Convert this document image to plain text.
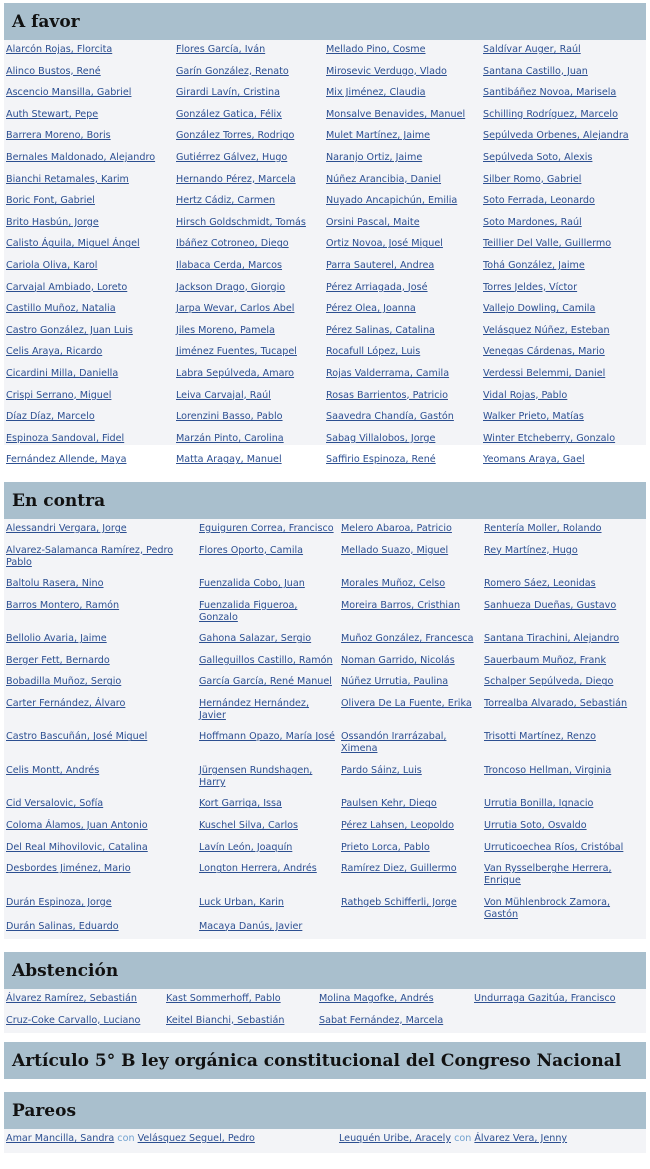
A favor
Alarcón Rojas, Florcita	Flores García, Iván	Mellado Pino, Cosme	Saldívar Auger, Raúl
Alinco Bustos, René	Garín González, Renato	Mirosevic Verdugo, Vlado	Santana Castillo, Juan
Ascencio Mansilla, Gabriel	Girardi Lavín, Cristina	Mix Jiménez, Claudia	Santibáñez Novoa, Marisela
Auth Stewart, Pepe	González Gatica, Félix	Monsalve Benavides, Manuel	Schilling Rodríguez, Marcelo
Barrera Moreno, Boris	González Torres, Rodrigo	Mulet Martínez, Jaime	Sepúlveda Orbenes, Alejandra
Bernales Maldonado, Alejandro	Gutiérrez Gálvez, Hugo	Naranjo Ortiz, Jaime	Sepúlveda Soto, Alexis
Bianchi Retamales, Karim	Hernando Pérez, Marcela	Núñez Arancibia, Daniel	Silber Romo, Gabriel
Boric Font, Gabriel	Hertz Cádiz, Carmen	Nuyado Ancapichún, Emilia	Soto Ferrada, Leonardo
Brito Hasbún, Jorge	Hirsch Goldschmidt, Tomás	Orsini Pascal, Maite	Soto Mardones, Raúl
Calisto Águila, Miguel Ángel	Ibáñez Cotroneo, Diego	Ortiz Novoa, José Miguel	Teillier Del Valle, Guillermo
Cariola Oliva, Karol	Ilabaca Cerda, Marcos	Parra Sauterel, Andrea	Tohá González, Jaime
Carvajal Ambiado, Loreto	Jackson Drago, Giorgio	Pérez Arriagada, José	Torres Jeldes, Víctor
Castillo Muñoz, Natalia	Jarpa Wevar, Carlos Abel	Pérez Olea, Joanna	Vallejo Dowling, Camila
Castro González, Juan Luis	Jiles Moreno, Pamela	Pérez Salinas, Catalina	Velásquez Núñez, Esteban
Celis Araya, Ricardo	Jiménez Fuentes, Tucapel	Rocafull López, Luis	Venegas Cárdenas, Mario
Cicardini Milla, Daniella	Labra Sepúlveda, Amaro	Rojas Valderrama, Camila	Verdessi Belemmi, Daniel
Crispi Serrano, Miguel	Leiva Carvajal, Raúl	Rosas Barrientos, Patricio	Vidal Rojas, Pablo
Díaz Díaz, Marcelo	Lorenzini Basso, Pablo	Saavedra Chandía, Gastón	Walker Prieto, Matías
Espinoza Sandoval, Fidel	Marzán Pinto, Carolina	Sabag Villalobos, Jorge	Winter Etcheberry, Gonzalo
Fernández Allende, Maya	Matta Aragay, Manuel	Saffirio Espinoza, René	Yeomans Araya, Gael
En contra
Alessandri Vergara, Jorge	Eguiguren Correa, Francisco	Melero Abaroa, Patricio	Rentería Moller, Rolando
Alvarez-Salamanca Ramírez, Pedro Pablo	Flores Oporto, Camila	Mellado Suazo, Miguel	Rey Martínez, Hugo
Baltolu Rasera, Nino	Fuenzalida Cobo, Juan	Morales Muñoz, Celso	Romero Sáez, Leonidas
Barros Montero, Ramón	Fuenzalida Figueroa, Gonzalo	Moreira Barros, Cristhian	Sanhueza Dueñas, Gustavo
Bellolio Avaria, Jaime	Gahona Salazar, Sergio	Muñoz González, Francesca	Santana Tirachini, Alejandro
Berger Fett, Bernardo	Galleguillos Castillo, Ramón	Noman Garrido, Nicolás	Sauerbaum Muñoz, Frank
Bobadilla Muñoz, Sergio	García García, René Manuel	Núñez Urrutia, Paulina	Schalper Sepúlveda, Diego
Carter Fernández, Álvaro	Hernández Hernández, Javier	Olivera De La Fuente, Erika	Torrealba Alvarado, Sebastián
Castro Bascuñán, José Miguel	Hoffmann Opazo, María José	Ossandón Irarrázabal, Ximena	Trisotti Martínez, Renzo
Celis Montt, Andrés	Jürgensen Rundshagen, Harry	Pardo Sáinz, Luis	Troncoso Hellman, Virginia
Cid Versalovic, Sofía	Kort Garriga, Issa	Paulsen Kehr, Diego	Urrutia Bonilla, Ignacio
Coloma Álamos, Juan Antonio	Kuschel Silva, Carlos	Pérez Lahsen, Leopoldo	Urrutia Soto, Osvaldo
Del Real Mihovilovic, Catalina	Lavín León, Joaquín	Prieto Lorca, Pablo	Urruticoechea Ríos, Cristóbal
Desbordes Jiménez, Mario	Longton Herrera, Andrés	Ramírez Diez, Guillermo	Van Rysselberghe Herrera, Enrique
Durán Espinoza, Jorge	Luck Urban, Karin	Rathgeb Schifferli, Jorge	Von Mühlenbrock Zamora, Gastón
Durán Salinas, Eduardo	Macaya Danús, Javier		
Abstención
Álvarez Ramírez, Sebastián	Kast Sommerhoff, Pablo	Molina Magofke, Andrés	Undurraga Gazitúa, Francisco
Cruz-Coke Carvallo, Luciano	Keitel Bianchi, Sebastián	Sabat Fernández, Marcela	
Artículo 5° B ley orgánica constitucional del Congreso Nacional
Pareos
Amar Mancilla, Sandra con Velásquez Seguel, Pedro	Leuquén Uribe, Aracely con Álvarez Vera, Jenny
